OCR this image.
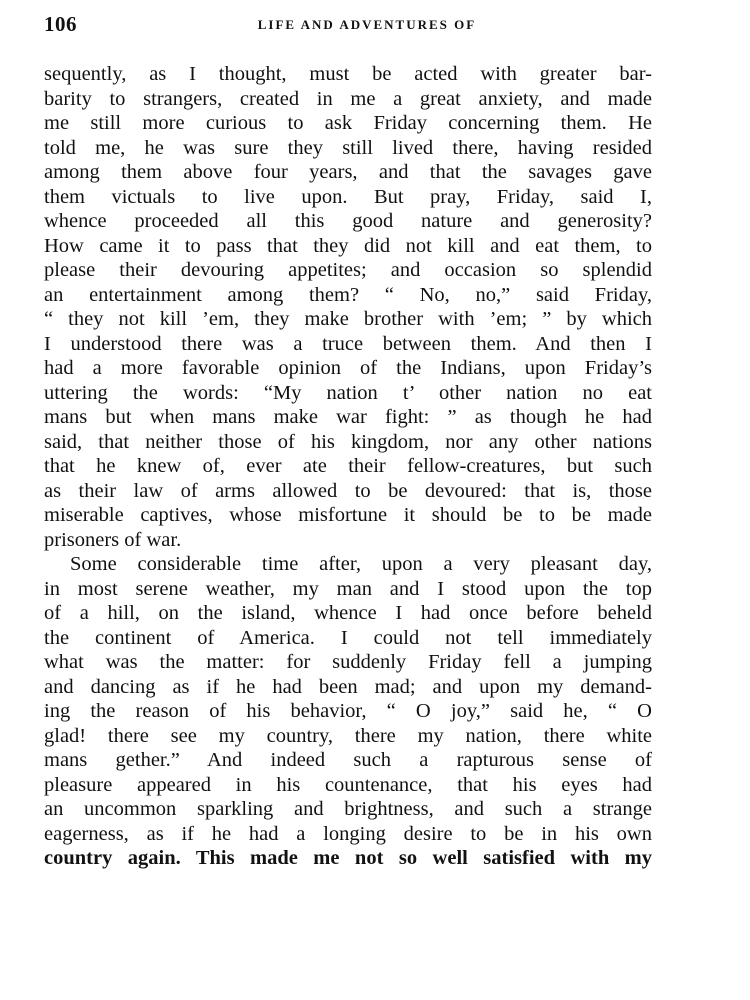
106	LIFE AND ADVENTURES OF
sequently, as I thought, must be acted with greater bar-
barity to strangers, created in me a great anxiety, and made
me still more curious to ask Friday concerning them. He
told me, he was sure they still lived there, having resided
among them above four years, and that the savages gave
them victuals to live upon. But pray, Friday, said I,
whence proceeded all this good nature and generosity?
How came it to pass that they did not kill and eat them, to
please their devouring appetites; and occasion so splendid
an entertainment among them? “ No, no,” said Friday,
“ they not kill ’em, they make brother with ’em; ” by which
I understood there was a truce between them. And then I
had a more favorable opinion of the Indians, upon Friday’s
uttering the words: “My nation t’ other nation no eat
mans but when mans make war fight: ” as though he had
said, that neither those of his kingdom, nor any other nations
that he knew of, ever ate their fellow-creatures, but such
as their law of arms allowed to be devoured: that is, those
miserable captives, whose misfortune it should be to be made
prisoners of war.
Some considerable time after, upon a very pleasant day,
in most serene weather, my man and I stood upon the top
of a hill, on the island, whence I had once before beheld
the continent of America. I could not tell immediately
what was the matter: for suddenly Friday fell a jumping
and dancing as if he had been mad; and upon my demand-
ing the reason of his behavior, “ O joy,” said he, “ O
glad! there see my country, there my nation, there white
mans gether.” And indeed such a rapturous sense of
pleasure appeared in his countenance, that his eyes had
an uncommon sparkling and brightness, and such a strange
eagerness, as if he had a longing desire to be in his own
country again. This made me not so well satisfied with my
